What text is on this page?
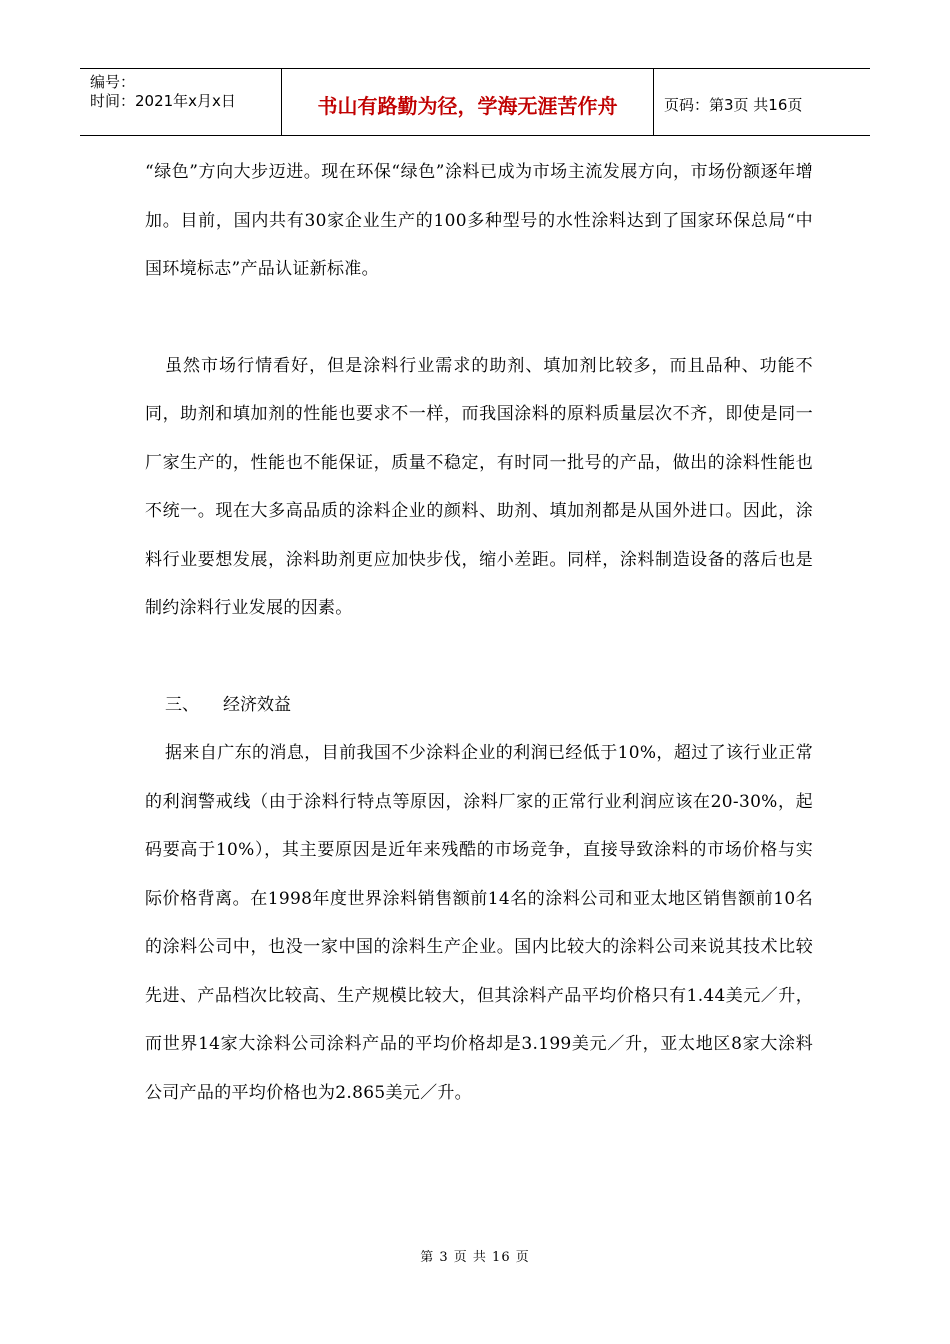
编号：
时间：2021年x月x日	书山有路勤为径，学海无涯苦作舟	页码：第3页 共16页

“绿色”方向大步迈进。现在环保“绿色”涂料已成为市场主流发展方向，市场份额逐年增加。目前，国内共有30家企业生产的100多种型号的水性涂料达到了国家环保总局“中国环境标志”产品认证新标准。

虽然市场行情看好，但是涂料行业需求的助剂、填加剂比较多，而且品种、功能不同，助剂和填加剂的性能也要求不一样，而我国涂料的原料质量层次不齐，即使是同一厂家生产的，性能也不能保证，质量不稳定，有时同一批号的产品，做出的涂料性能也不统一。现在大多高品质的涂料企业的颜料、助剂、填加剂都是从国外进口。因此，涂料行业要想发展，涂料助剂更应加快步伐，缩小差距。同样，涂料制造设备的落后也是制约涂料行业发展的因素。

三、 经济效益

据来自广东的消息，目前我国不少涂料企业的利润已经低于10%，超过了该行业正常的利润警戒线（由于涂料行特点等原因，涂料厂家的正常行业利润应该在20-30%，起码要高于10%），其主要原因是近年来残酷的市场竞争，直接导致涂料的市场价格与实际价格背离。在1998年度世界涂料销售额前14名的涂料公司和亚太地区销售额前10名的涂料公司中，也没一家中国的涂料生产企业。国内比较大的涂料公司来说其技术比较先进、产品档次比较高、生产规模比较大，但其涂料产品平均价格只有1.44美元／升，而世界14家大涂料公司涂料产品的平均价格却是3.199美元／升，亚太地区8家大涂料公司产品的平均价格也为2.865美元／升。

第 3 页 共 16 页
